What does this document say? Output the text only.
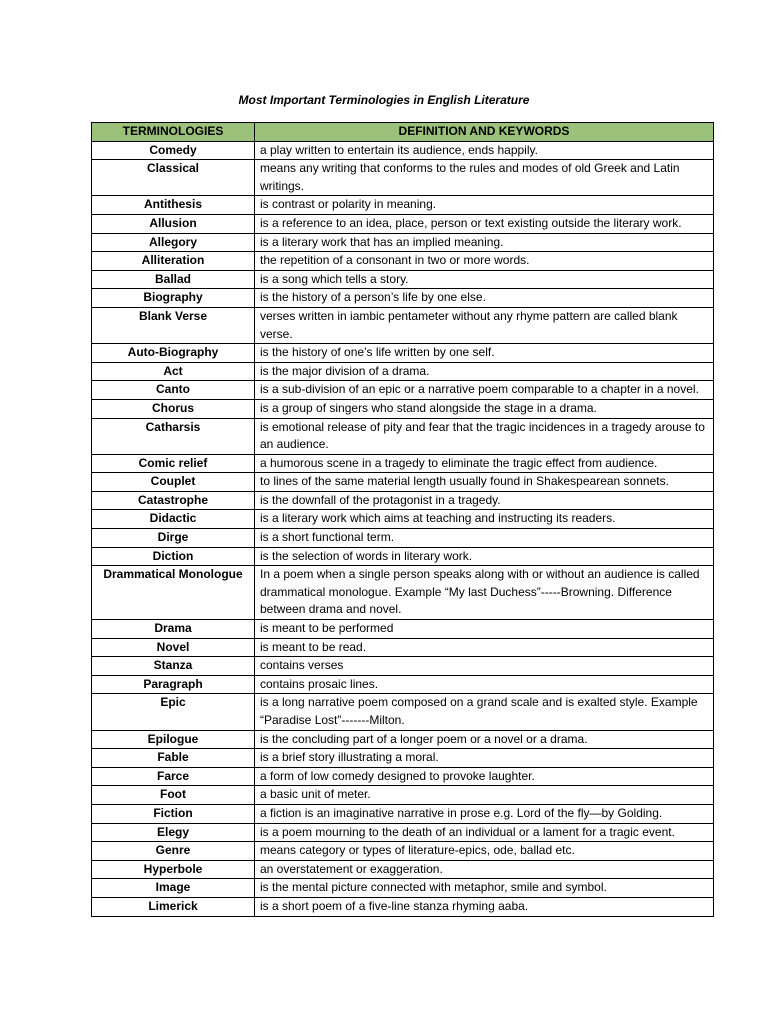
Most Important Terminologies in English Literature
TERMINOLOGIES	DEFINITION AND KEYWORDS
Comedy	a play written to entertain its audience, ends happily.
Classical	means any writing that conforms to the rules and modes of old Greek and Latin writings.
Antithesis	is contrast or polarity in meaning.
Allusion	is a reference to an idea, place, person or text existing outside the literary work.
Allegory	is a literary work that has an implied meaning.
Alliteration	the repetition of a consonant in two or more words.
Ballad	is a song which tells a story.
Biography	is the history of a person’s life by one else.
Blank Verse	verses written in iambic pentameter without any rhyme pattern are called blank verse.
Auto-Biography	is the history of one’s life written by one self.
Act	is the major division of a drama.
Canto	is a sub-division of an epic or a narrative poem comparable to a chapter in a novel.
Chorus	is a group of singers who stand alongside the stage in a drama.
Catharsis	is emotional release of pity and fear that the tragic incidences in a tragedy arouse to an audience.
Comic relief	a humorous scene in a tragedy to eliminate the tragic effect from audience.
Couplet	to lines of the same material length usually found in Shakespearean sonnets.
Catastrophe	is the downfall of the protagonist in a tragedy.
Didactic	is a literary work which aims at teaching and instructing its readers.
Dirge	is a short functional term.
Diction	is the selection of words in literary work.
Drammatical Monologue	In a poem when a single person speaks along with or without an audience is called drammatical monologue. Example “My last Duchess”-----Browning. Difference between drama and novel.
Drama	is meant to be performed
Novel	is meant to be read.
Stanza	contains verses
Paragraph	contains prosaic lines.
Epic	is a long narrative poem composed on a grand scale and is exalted style. Example “Paradise Lost”-------Milton.
Epilogue	is the concluding part of a longer poem or a novel or a drama.
Fable	is a brief story illustrating a moral.
Farce	a form of low comedy designed to provoke laughter.
Foot	a basic unit of meter.
Fiction	a fiction is an imaginative narrative in prose e.g. Lord of the fly—by Golding.
Elegy	is a poem mourning to the death of an individual or a lament for a tragic event.
Genre	means category or types of literature-epics, ode, ballad etc.
Hyperbole	an overstatement or exaggeration.
Image	is the mental picture connected with metaphor, smile and symbol.
Limerick	is a short poem of a five-line stanza rhyming aaba.
